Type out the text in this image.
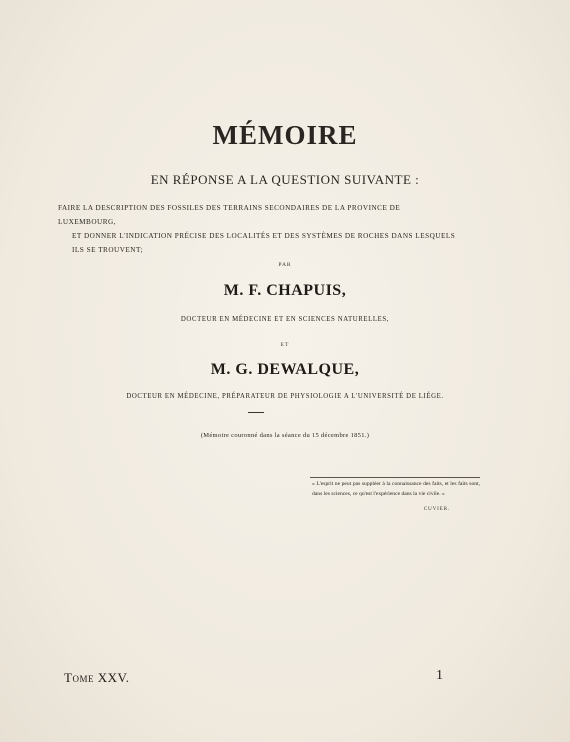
MÉMOIRE
EN RÉPONSE A LA QUESTION SUIVANTE :
FAIRE LA DESCRIPTION DES FOSSILES DES TERRAINS SECONDAIRES DE LA PROVINCE DE LUXEMBOURG,
ET DONNER L'INDICATION PRÉCISE DES LOCALITÉS ET DES SYSTÈMES DE ROCHES DANS LESQUELS
ILS SE TROUVENT;
PAR
M. F. CHAPUIS,
DOCTEUR EN MÉDECINE ET EN SCIENCES NATURELLES,
ET
M. G. DEWALQUE,
DOCTEUR EN MÉDECINE, PRÉPARATEUR DE PHYSIOLOGIE A L'UNIVERSITÉ DE LIÉGE.
(Mémoire couronné dans la séance du 15 décembre 1851.)
« L'esprit ne peut pas suppléer à la connaissance des faits, et les faits sont, dans les sciences, ce qu'est l'expérience dans la vie civile. »
CUVIER.
Tome XXV.	1
